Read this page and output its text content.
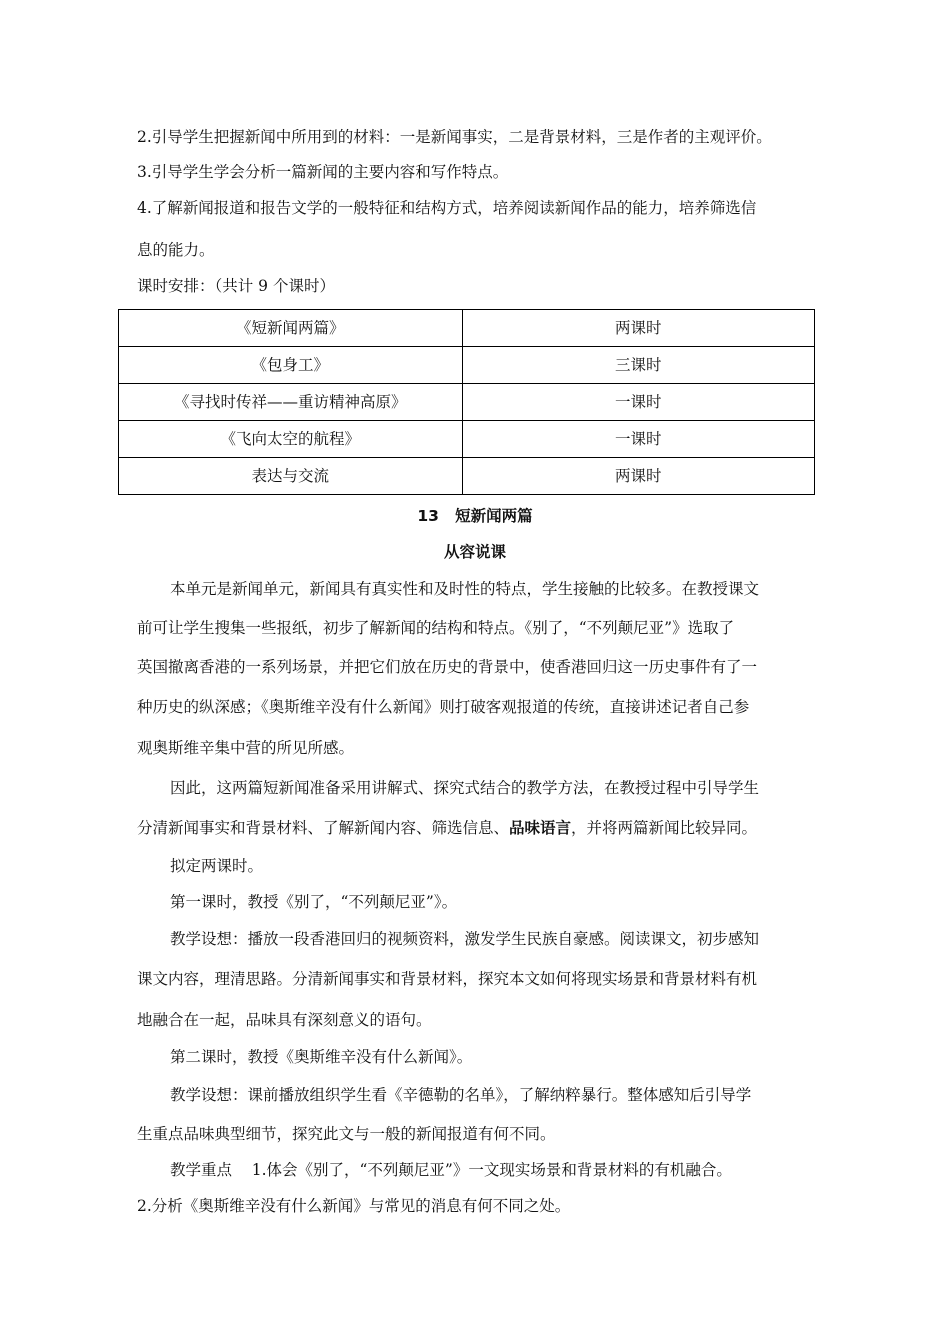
2.引导学生把握新闻中所用到的材料：一是新闻事实，二是背景材料，三是作者的主观评价。
3.引导学生学会分析一篇新闻的主要内容和写作特点。
4.了解新闻报道和报告文学的一般特征和结构方式，培养阅读新闻作品的能力，培养筛选信
息的能力。
课时安排：（共计 9 个课时）
《短新闻两篇》	两课时
《包身工》	三课时
《寻找时传祥——重访精神高原》	一课时
《飞向太空的航程》	一课时
表达与交流	两课时
13   短新闻两篇
从容说课
本单元是新闻单元，新闻具有真实性和及时性的特点，学生接触的比较多。在教授课文
前可让学生搜集一些报纸，初步了解新闻的结构和特点。《别了，“不列颠尼亚”》选取了
英国撤离香港的一系列场景，并把它们放在历史的背景中，使香港回归这一历史事件有了一
种历史的纵深感；《奥斯维辛没有什么新闻》则打破客观报道的传统，直接讲述记者自己参
观奥斯维辛集中营的所见所感。
因此，这两篇短新闻准备采用讲解式、探究式结合的教学方法，在教授过程中引导学生
分清新闻事实和背景材料、了解新闻内容、筛选信息、品味语言，并将两篇新闻比较异同。
拟定两课时。
第一课时，教授《别了，“不列颠尼亚”》。
教学设想：播放一段香港回归的视频资料，激发学生民族自豪感。阅读课文，初步感知
课文内容，理清思路。分清新闻事实和背景材料，探究本文如何将现实场景和背景材料有机
地融合在一起，品味具有深刻意义的语句。
第二课时，教授《奥斯维辛没有什么新闻》。
教学设想：课前播放组织学生看《辛德勒的名单》，了解纳粹暴行。整体感知后引导学
生重点品味典型细节，探究此文与一般的新闻报道有何不同。
教学重点    1.体会《别了，“不列颠尼亚”》一文现实场景和背景材料的有机融合。
2.分析《奥斯维辛没有什么新闻》与常见的消息有何不同之处。
